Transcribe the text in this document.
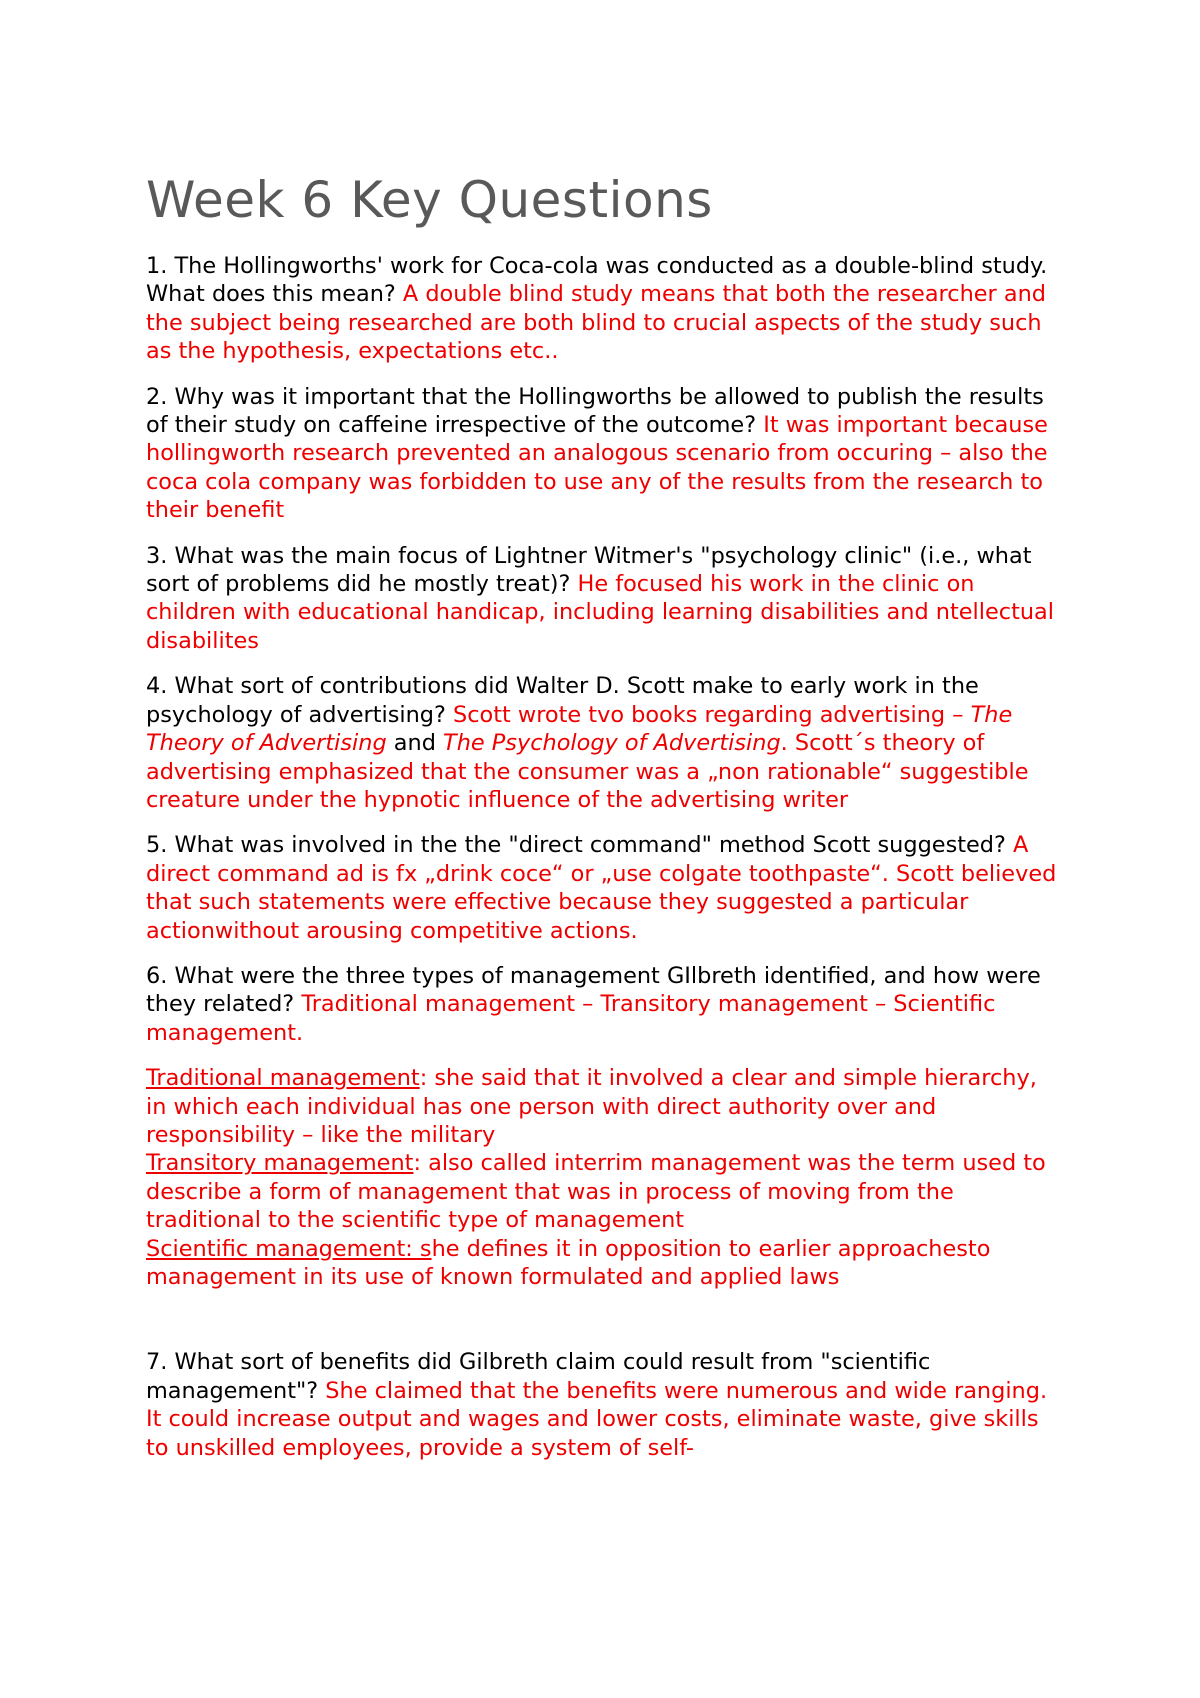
Week 6 Key Questions

1. The Hollingworths' work for Coca-cola was conducted as a double-blind study. What does this mean? A double blind study means that both the researcher and the subject being researched are both blind to crucial aspects of the study such as the hypothesis, expectations etc..

2. Why was it important that the Hollingworths be allowed to publish the results of their study on caffeine irrespective of the outcome? It was important because hollingworth research prevented an analogous scenario from occuring – also the coca cola company was forbidden to use any of the results from the research to their benefit

3. What was the main focus of Lightner Witmer's "psychology clinic" (i.e., what sort of problems did he mostly treat)? He focused his work in the clinic on children with educational handicap, including learning disabilities and ntellectual disabilites

4. What sort of contributions did Walter D. Scott make to early work in the psychology of advertising? Scott wrote tvo books regarding advertising – The Theory of Advertising and The Psychology of Advertising. Scott´s theory of advertising emphasized that the consumer was a „non rationable“ suggestible creature under the hypnotic influence of the advertising writer

5. What was involved in the the "direct command" method Scott suggested? A direct command ad is fx „drink coce“ or „use colgate toothpaste“. Scott believed that such statements were effective because they suggested a particular actionwithout arousing competitive actions.

6. What were the three types of management GIlbreth identified, and how were they related? Traditional management – Transitory management – Scientific management.

Traditional management: she said that it involved a clear and simple hierarchy, in which each individual has one person with direct authority over and responsibility – like the military

Transitory management: also called interrim management was the term used to describe a form of management that was in process of moving from the traditional to the scientific type of management

Scientific management: she defines it in opposition to earlier approachesto management in its use of known formulated and applied laws

7. What sort of benefits did Gilbreth claim could result from "scientific management"? She claimed that the benefits were numerous and wide ranging. It could increase output and wages and lower costs, eliminate waste, give skills to unskilled employees, provide a system of self-
